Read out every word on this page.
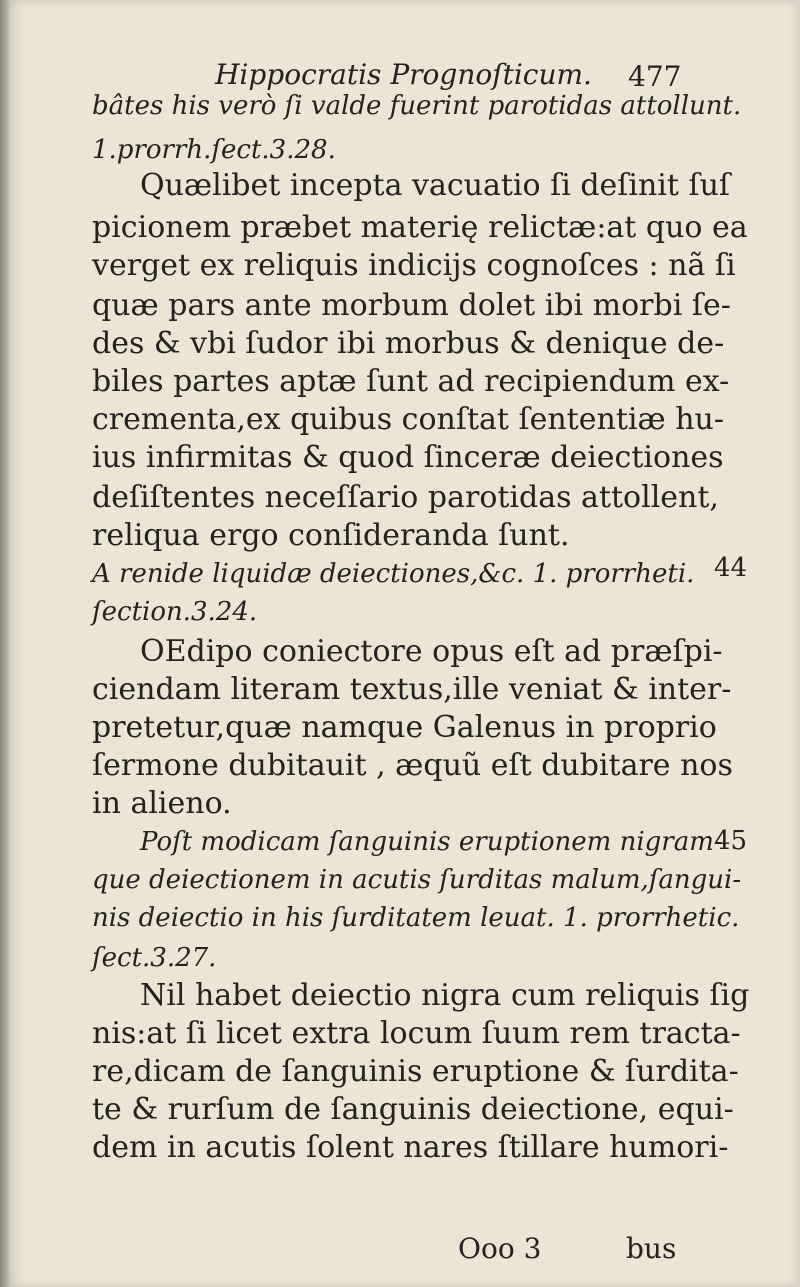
Hippocratis Prognoſticum. 477
bâtes his verò ſi valde fuerint parotidas attollunt.
1.prorrh.ſect.3.28.
Quælibet incepta vacuatio ſi deſinit ſuſ
picionem præbet materię relictæ:at quo ea
verget ex reliquis indicijs cognoſces : nã ſi
quæ pars ante morbum dolet ibi morbi ſe-
des & vbi ſudor ibi morbus & denique de-
biles partes aptæ ſunt ad recipiendum ex-
crementa,ex quibus conſtat ſententiæ hu-
ius infirmitas & quod ſinceræ deiectiones
deſiſtentes neceſſario parotidas attollent,
reliqua ergo conſideranda ſunt.
A renide liquidæ deiectiones,&c. 1. prorrheti.
ſection.3.24.
OEdipo coniectore opus eſt ad præſpi-
ciendam literam textus,ille veniat & inter-
pretetur,quæ namque Galenus in proprio
ſermone dubitauit , æquũ eſt dubitare nos
in alieno.
Poſt modicam ſanguinis eruptionem nigram-
que deiectionem in acutis ſurditas malum,ſangui-
nis deiectio in his ſurditatem leuat. 1. prorrhetic.
ſect.3.27.
Nil habet deiectio nigra cum reliquis ſig
nis:at ſi licet extra locum ſuum rem tracta-
re,dicam de ſanguinis eruptione & ſurdita-
te & rurſum de ſanguinis deiectione, equi-
dem in acutis ſolent nares ſtillare humori-
44
45
Ooo 3	bus
